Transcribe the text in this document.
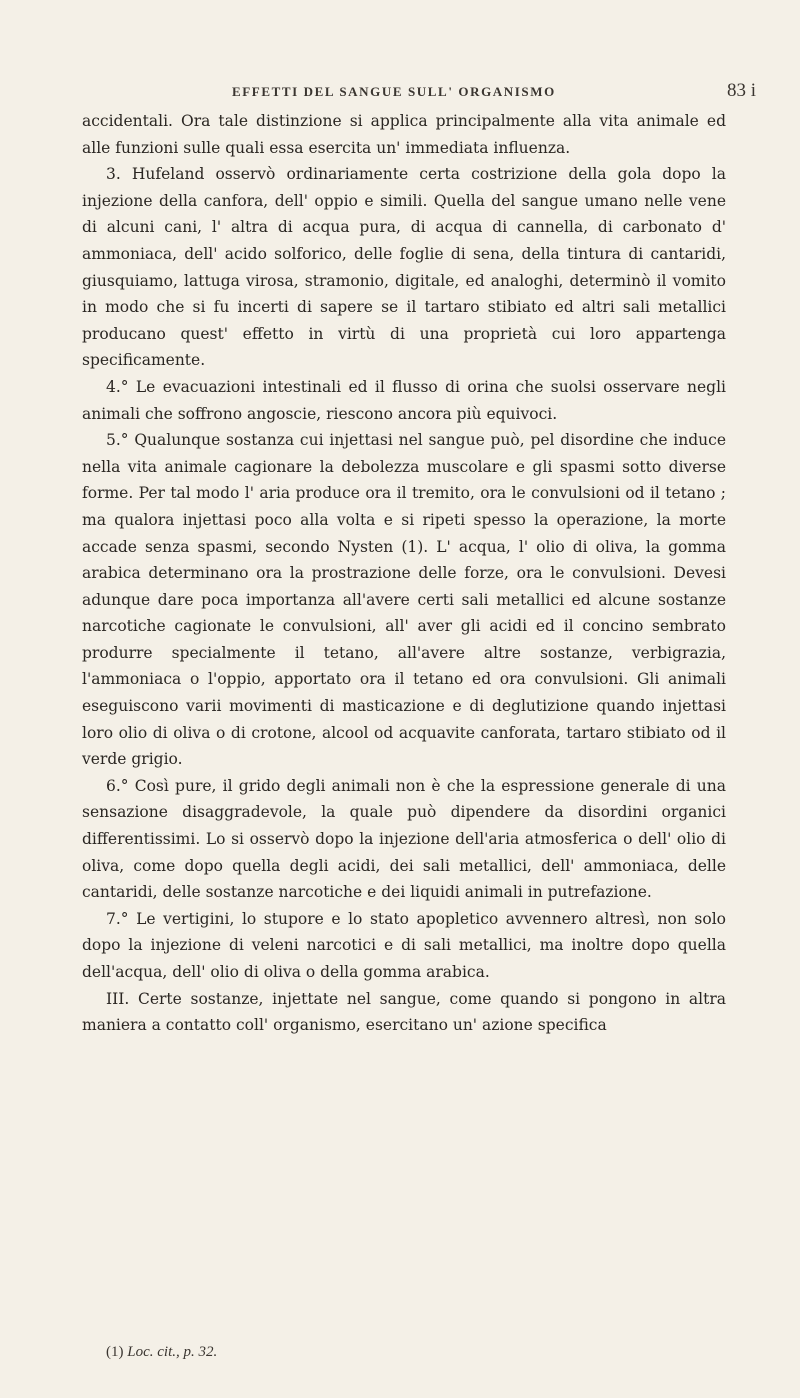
EFFETTI DEL SANGUE SULL' ORGANISMO	83 i

accidentali. Ora tale distinzione si applica principalmente alla vita animale ed alle funzioni sulle quali essa esercita un' immediata influenza.

3. Hufeland osservò ordinariamente certa costrizione della gola dopo la injezione della canfora, dell' oppio e simili. Quella del sangue umano nelle vene di alcuni cani, l' altra di acqua pura, di acqua di cannella, di carbonato d' ammoniaca, dell' acido solforico, delle foglie di sena, della tintura di cantaridi, giusquiamo, lattuga virosa, stramonio, digitale, ed analoghi, determinò il vomito in modo che si fu incerti di sapere se il tartaro stibiato ed altri sali metallici producano quest' effetto in virtù di una proprietà cui loro appartenga specificamente.

4.° Le evacuazioni intestinali ed il flusso di orina che suolsi osservare negli animali che soffrono angoscie, riescono ancora più equivoci.

5.° Qualunque sostanza cui injettasi nel sangue può, pel disordine che induce nella vita animale cagionare la debolezza muscolare e gli spasmi sotto diverse forme. Per tal modo l' aria produce ora il tremito, ora le convulsioni od il tetano ; ma qualora injettasi poco alla volta e si ripeti spesso la operazione, la morte accade senza spasmi, secondo Nysten (1). L' acqua, l' olio di oliva, la gomma arabica determinano ora la prostrazione delle forze, ora le convulsioni. Devesi adunque dare poca importanza all'avere certi sali metallici ed alcune sostanze narcotiche cagionate le convulsioni, all' aver gli acidi ed il concino sembrato produrre specialmente il tetano, all'avere altre sostanze, verbigrazia, l'ammoniaca o l'oppio, apportato ora il tetano ed ora convulsioni. Gli animali eseguiscono varii movimenti di masticazione e di deglutizione quando injettasi loro olio di oliva o di crotone, alcool od acquavite canforata, tartaro stibiato od il verde grigio.

6.° Così pure, il grido degli animali non è che la espressione generale di una sensazione disaggradevole, la quale può dipendere da disordini organici differentissimi. Lo si osservò dopo la injezione dell'aria atmosferica o dell' olio di oliva, come dopo quella degli acidi, dei sali metallici, dell' ammoniaca, delle cantaridi, delle sostanze narcotiche e dei liquidi animali in putrefazione.

7.° Le vertigini, lo stupore e lo stato apopletico avvennero altresì, non solo dopo la injezione di veleni narcotici e di sali metallici, ma inoltre dopo quella dell'acqua, dell' olio di oliva o della gomma arabica.

III. Certe sostanze, injettate nel sangue, come quando si pongono in altra maniera a contatto coll' organismo, esercitano un' azione specifica

(1) Loc. cit., p. 32.
